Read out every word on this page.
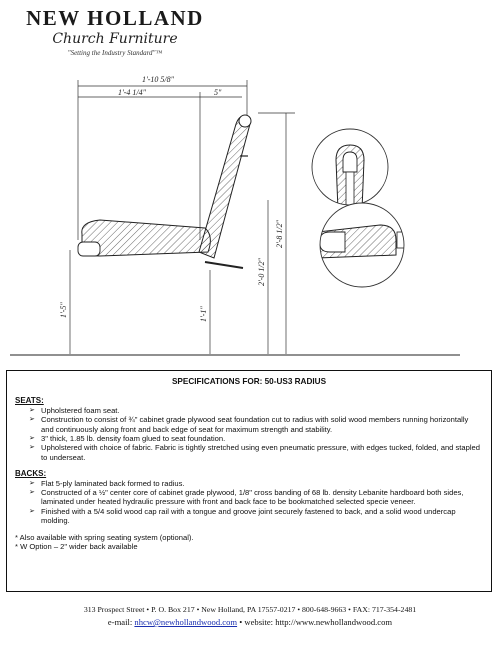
NEW HOLLAND
Church Furniture
"Setting the Industry Standard"™
1'-10 5/8"
1'-4 1/4"	5"
1'-5"	1'-1"
2'-0 1/2"
2'-8 1/2"
SPECIFICATIONS FOR: 50-US3 RADIUS
SEATS:
➢ Upholstered foam seat.
➢ Construction to consist of ¾" cabinet grade plywood seat foundation cut to radius with solid wood members running horizontally and continuously along front and back edge of seat for maximum strength and stability.
➢ 3" thick, 1.85 lb. density foam glued to seat foundation.
➢ Upholstered with choice of fabric. Fabric is tightly stretched using even pneumatic pressure, with edges tucked, folded, and stapled to underseat.
BACKS:
➢ Flat 5-ply laminated back formed to radius.
➢ Constructed of a ½" center core of cabinet grade plywood, 1/8" cross banding of 68 lb. density Lebanite hardboard both sides, laminated under heated hydraulic pressure with front and back face to be bookmatched selected specie veneer.
➢ Finished with a 5/4 solid wood cap rail with a tongue and groove joint securely fastened to back, and a solid wood undercap molding.

* Also available with spring seating system (optional).

* W Option – 2" wider back available

313 Prospect Street • P. O. Box 217 • New Holland, PA 17557-0217 • 800-648-9663 • FAX: 717-354-2481
e-mail: nhcw@newhollandwood.com • website: http://www.newhollandwood.com
